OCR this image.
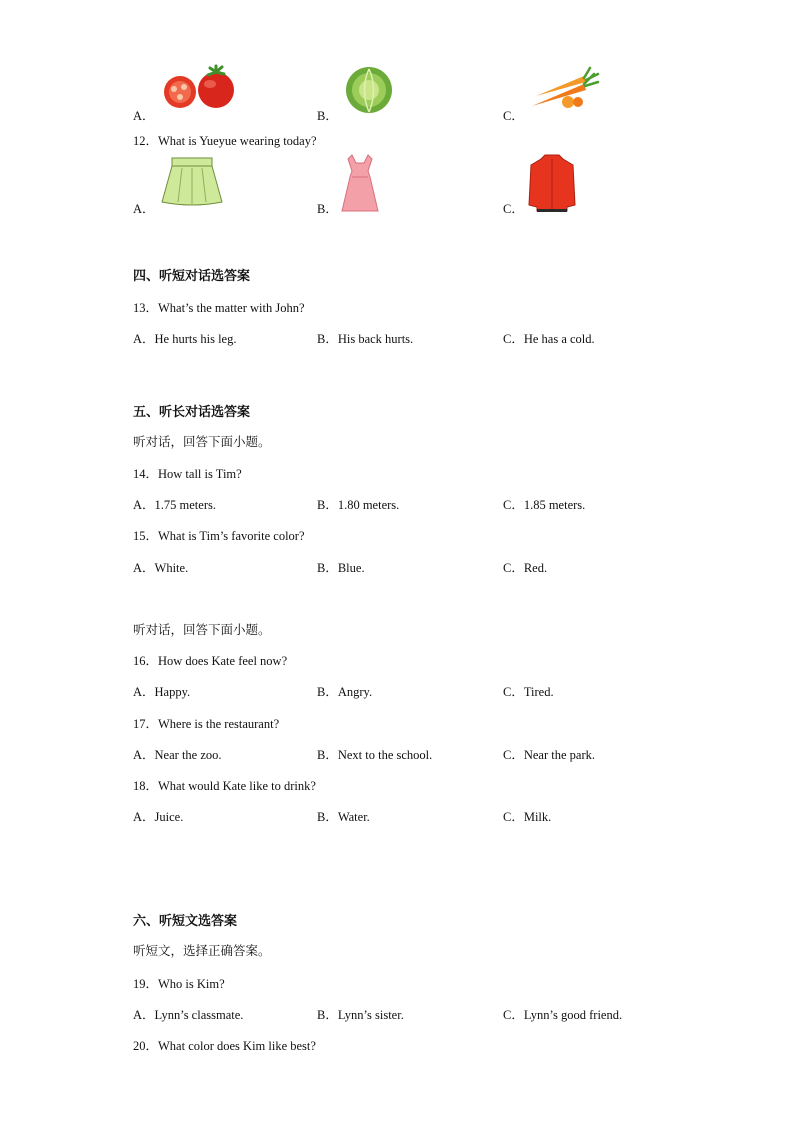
A．	B．	C．
12．What is Yueyue wearing today?
A．	B．	C．
四、听短对话选答案
13．What’s the matter with John?
A．He hurts his leg.	B．His back hurts.	C．He has a cold.
五、听长对话选答案
听对话，回答下面小题。
14．How tall is Tim?
A．1.75 meters.	B．1.80 meters.	C．1.85 meters.
15．What is Tim’s favorite color?
A．White.	B．Blue.	C．Red.
听对话，回答下面小题。
16．How does Kate feel now?
A．Happy.	B．Angry.	C．Tired.
17．Where is the restaurant?
A．Near the zoo.	B．Next to the school.	C．Near the park.
18．What would Kate like to drink?
A．Juice.	B．Water.	C．Milk.
六、听短文选答案
听短文，选择正确答案。
19．Who is Kim?
A．Lynn’s classmate.	B．Lynn’s sister.	C．Lynn’s good friend.
20．What color does Kim like best?
